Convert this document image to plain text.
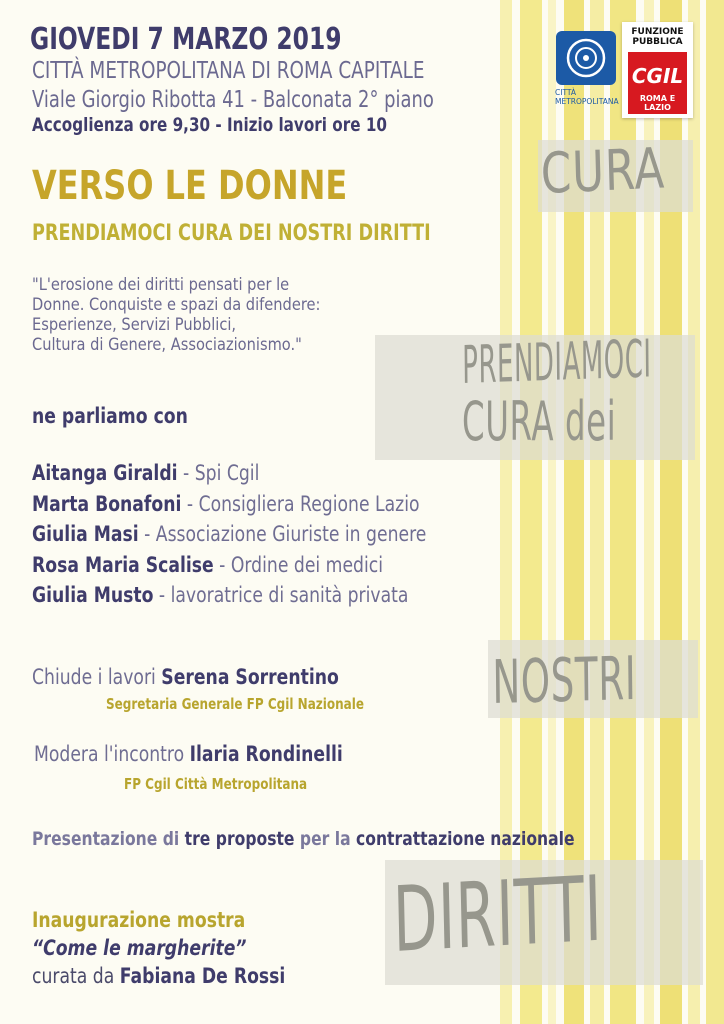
CURA
PRENDIAMOCI
CURA dei
NOSTRI
DIRITTI
CITTÀ
METROPOLITANA
FUNZIONE
PUBBLICA
CGIL
ROMA E LAZIO
GIOVEDI 7 MARZO 2019
CITTÀ METROPOLITANA DI ROMA CAPITALE
Viale Giorgio Ribotta 41 - Balconata 2° piano
Accoglienza ore 9,30 - Inizio lavori ore 10
VERSO LE DONNE
PRENDIAMOCI CURA DEI NOSTRI DIRITTI
"L'erosione dei diritti pensati per le
Donne. Conquiste e spazi da difendere:
Esperienze, Servizi Pubblici,
Cultura di Genere, Associazionismo."
ne parliamo con
Aitanga Giraldi - Spi Cgil
Marta Bonafoni - Consigliera Regione Lazio
Giulia Masi - Associazione Giuriste in genere
Rosa Maria Scalise - Ordine dei medici
Giulia Musto - lavoratrice di sanità privata
Chiude i lavori Serena Sorrentino
Segretaria Generale FP Cgil Nazionale
Modera l'incontro Ilaria Rondinelli
FP Cgil Città Metropolitana
Presentazione di tre proposte per la contrattazione nazionale
Inaugurazione mostra
“Come le margherite”
curata da Fabiana De Rossi
